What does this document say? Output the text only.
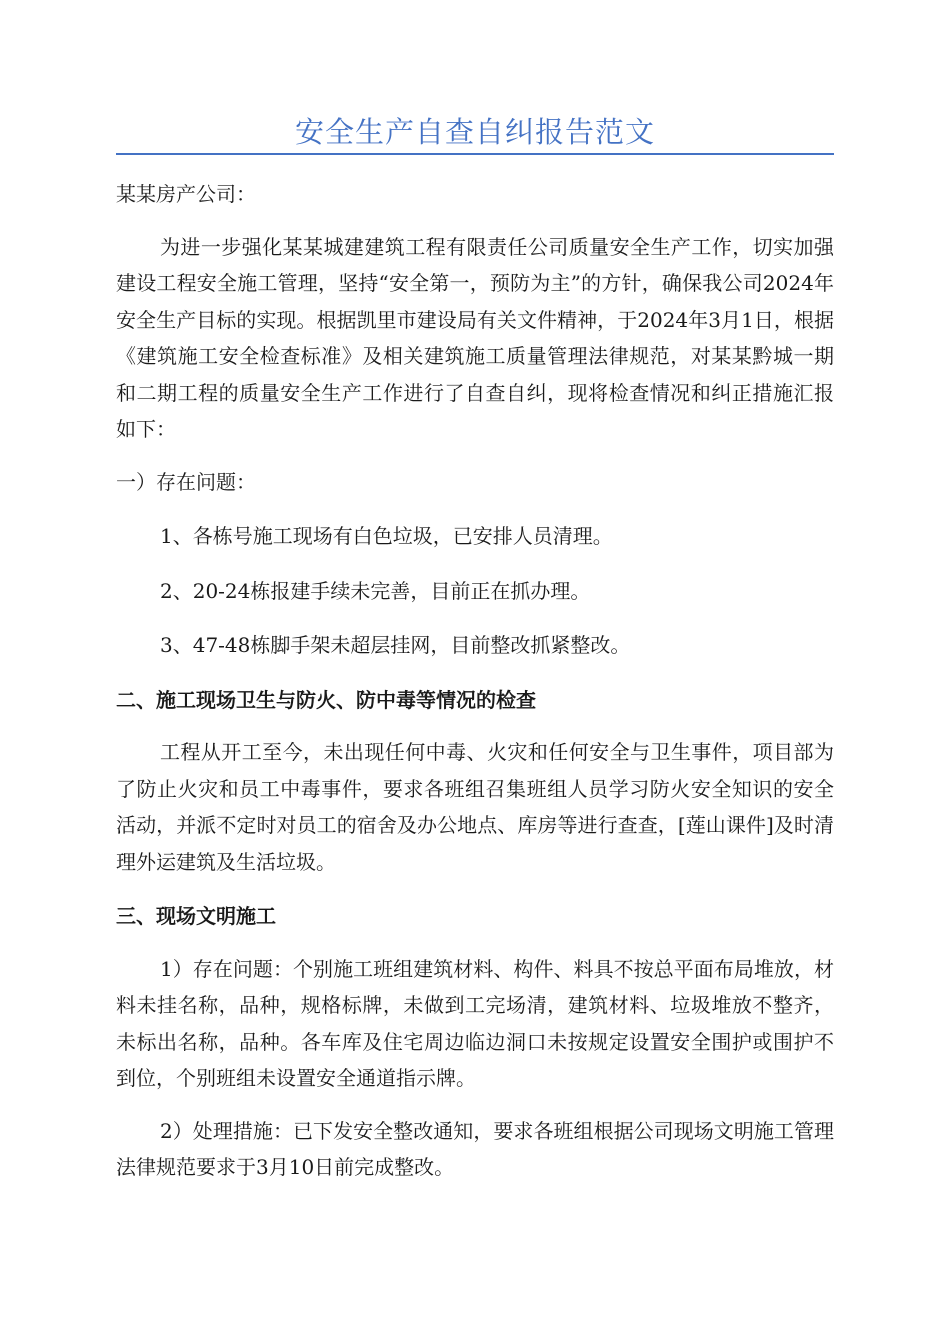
安全生产自查自纠报告范文

某某房产公司：

为进一步强化某某城建建筑工程有限责任公司质量安全生产工作，切实加强建设工程安全施工管理，坚持“安全第一，预防为主”的方针，确保我公司2024年安全生产目标的实现。根据凯里市建设局有关文件精神，于2024年3月1日，根据《建筑施工安全检查标准》及相关建筑施工质量管理法律规范，对某某黔城一期和二期工程的质量安全生产工作进行了自查自纠，现将检查情况和纠正措施汇报如下：

一）存在问题：

1、各栋号施工现场有白色垃圾，已安排人员清理。

2、20-24栋报建手续未完善，目前正在抓办理。

3、47-48栋脚手架未超层挂网，目前整改抓紧整改。

二、施工现场卫生与防火、防中毒等情况的检查

工程从开工至今，未出现任何中毒、火灾和任何安全与卫生事件，项目部为了防止火灾和员工中毒事件，要求各班组召集班组人员学习防火安全知识的安全活动，并派不定时对员工的宿舍及办公地点、库房等进行查查，[莲山课件]及时清理外运建筑及生活垃圾。

三、现场文明施工

1）存在问题：个别施工班组建筑材料、构件、料具不按总平面布局堆放，材料未挂名称，品种，规格标牌，未做到工完场清，建筑材料、垃圾堆放不整齐，未标出名称，品种。各车库及住宅周边临边洞口未按规定设置安全围护或围护不到位，个别班组未设置安全通道指示牌。

2）处理措施：已下发安全整改通知，要求各班组根据公司现场文明施工管理法律规范要求于3月10日前完成整改。
